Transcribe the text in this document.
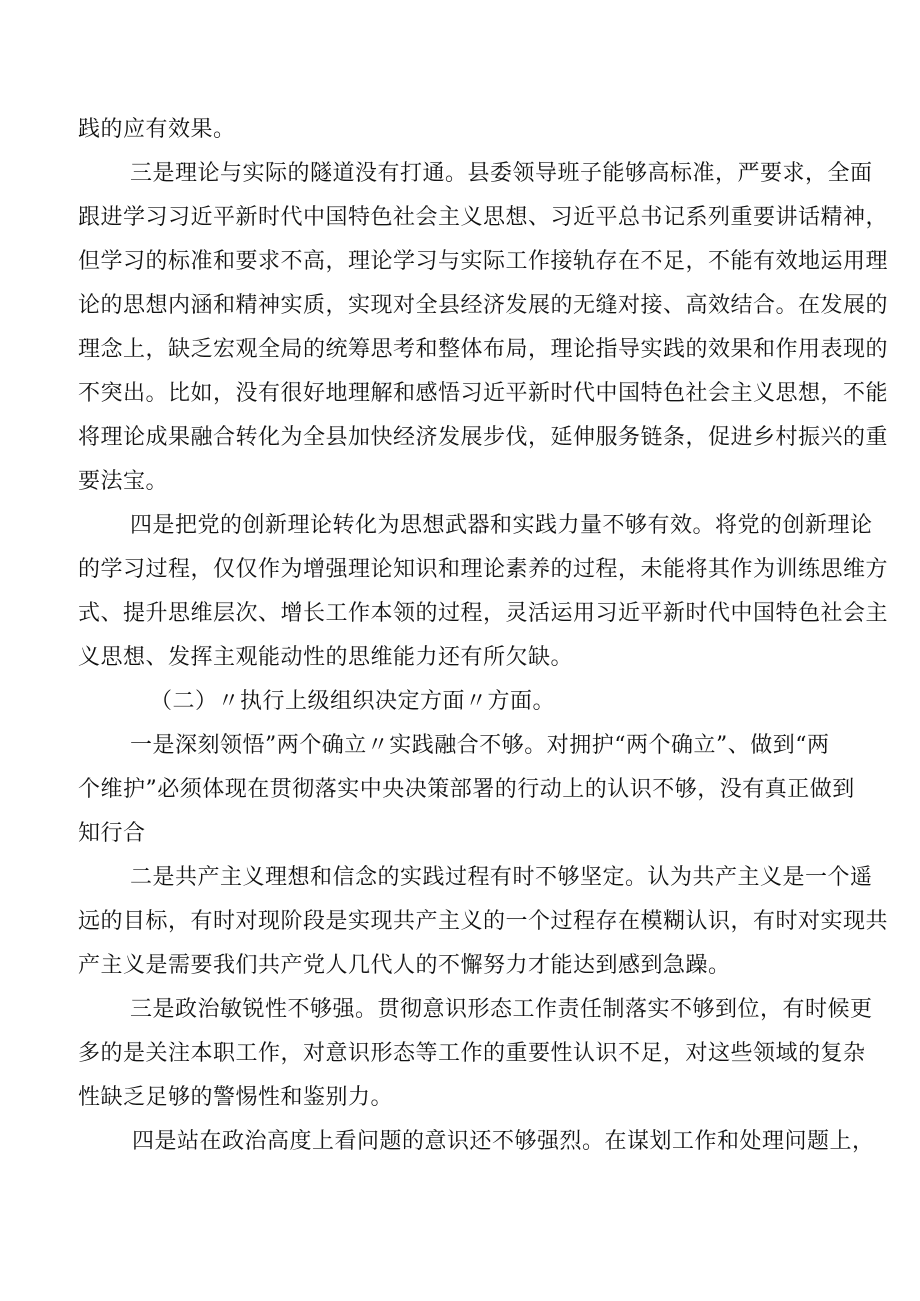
践的应有效果。
三是理论与实际的隧道没有打通。县委领导班子能够高标准，严要求，全面
跟进学习习近平新时代中国特色社会主义思想、习近平总书记系列重要讲话精神，
但学习的标准和要求不高，理论学习与实际工作接轨存在不足，不能有效地运用理
论的思想内涵和精神实质，实现对全县经济发展的无缝对接、高效结合。在发展的
理念上，缺乏宏观全局的统筹思考和整体布局，理论指导实践的效果和作用表现的
不突出。比如，没有很好地理解和感悟习近平新时代中国特色社会主义思想，不能
将理论成果融合转化为全县加快经济发展步伐，延伸服务链条，促进乡村振兴的重
要法宝。
四是把党的创新理论转化为思想武器和实践力量不够有效。将党的创新理论
的学习过程，仅仅作为增强理论知识和理论素养的过程，未能将其作为训练思维方
式、提升思维层次、增长工作本领的过程，灵活运用习近平新时代中国特色社会主
义思想、发挥主观能动性的思维能力还有所欠缺。
（二）〃执行上级组织决定方面〃方面。
一是深刻领悟”两个确立〃实践融合不够。对拥护“两个确立”、做到“两
个维护”必须体现在贯彻落实中央决策部署的行动上的认识不够，没有真正做到
知行合
二是共产主义理想和信念的实践过程有时不够坚定。认为共产主义是一个遥
远的目标，有时对现阶段是实现共产主义的一个过程存在模糊认识，有时对实现共
产主义是需要我们共产党人几代人的不懈努力才能达到感到急躁。
三是政治敏锐性不够强。贯彻意识形态工作责任制落实不够到位，有时候更
多的是关注本职工作，对意识形态等工作的重要性认识不足，对这些领域的复杂
性缺乏足够的警惕性和鉴别力。
四是站在政治高度上看问题的意识还不够强烈。在谋划工作和处理问题上，
